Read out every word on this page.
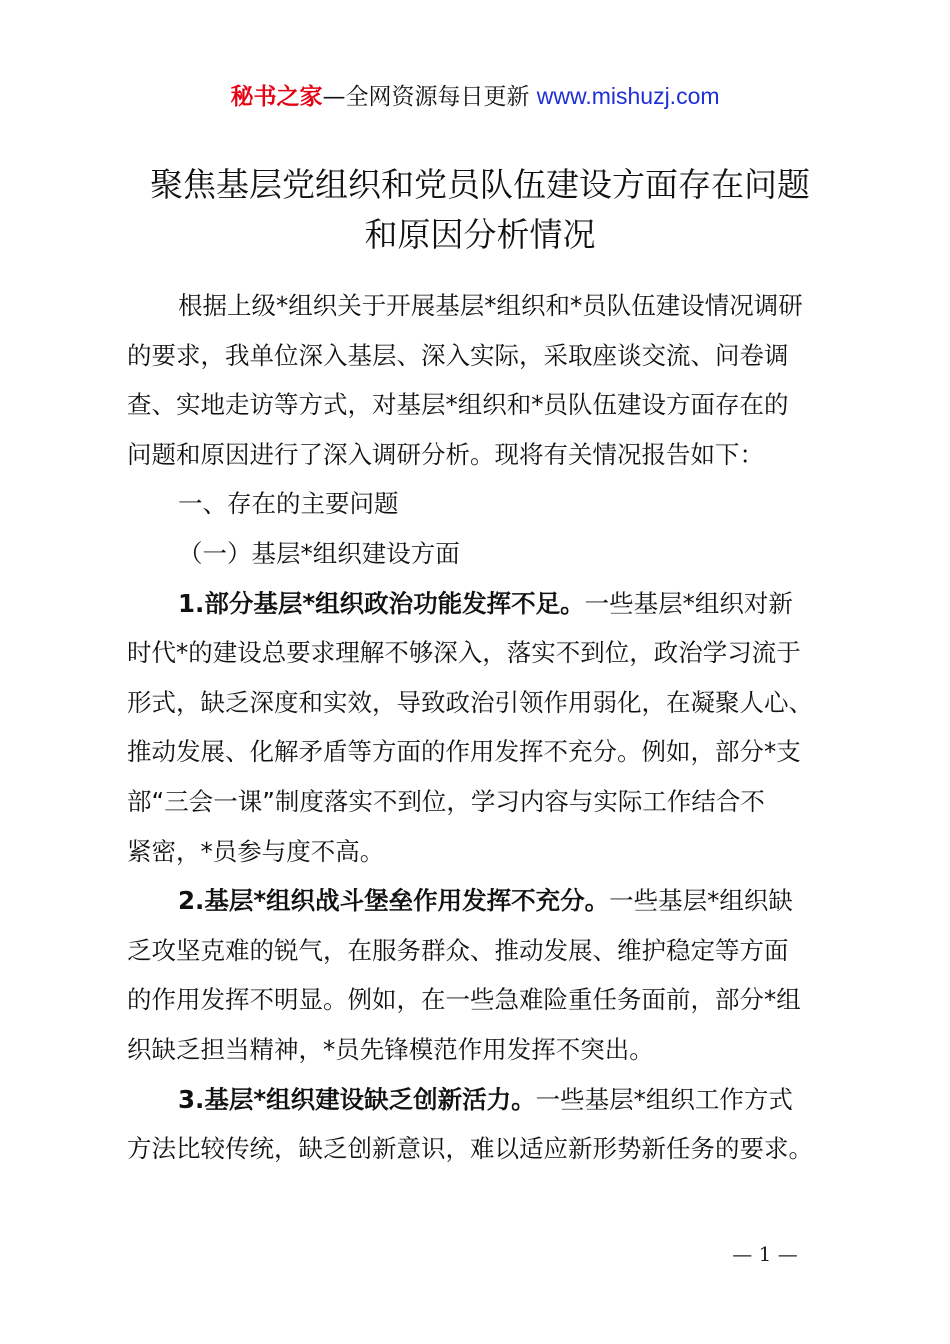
秘书之家—全网资源每日更新 www.mishuzj.com
聚焦基层党组织和党员队伍建设方面存在问题
和原因分析情况
根据上级*组织关于开展基层*组织和*员队伍建设情况调研
的要求，我单位深入基层、深入实际，采取座谈交流、问卷调
查、实地走访等方式，对基层*组织和*员队伍建设方面存在的
问题和原因进行了深入调研分析。现将有关情况报告如下：
一、存在的主要问题
（一）基层*组织建设方面
1.部分基层*组织政治功能发挥不足。一些基层*组织对新
时代*的建设总要求理解不够深入，落实不到位，政治学习流于
形式，缺乏深度和实效，导致政治引领作用弱化，在凝聚人心、
推动发展、化解矛盾等方面的作用发挥不充分。例如，部分*支
部“三会一课”制度落实不到位，学习内容与实际工作结合不
紧密，*员参与度不高。
2.基层*组织战斗堡垒作用发挥不充分。一些基层*组织缺
乏攻坚克难的锐气，在服务群众、推动发展、维护稳定等方面
的作用发挥不明显。例如，在一些急难险重任务面前，部分*组
织缺乏担当精神，*员先锋模范作用发挥不突出。
3.基层*组织建设缺乏创新活力。一些基层*组织工作方式
方法比较传统，缺乏创新意识，难以适应新形势新任务的要求。
— 1 —
